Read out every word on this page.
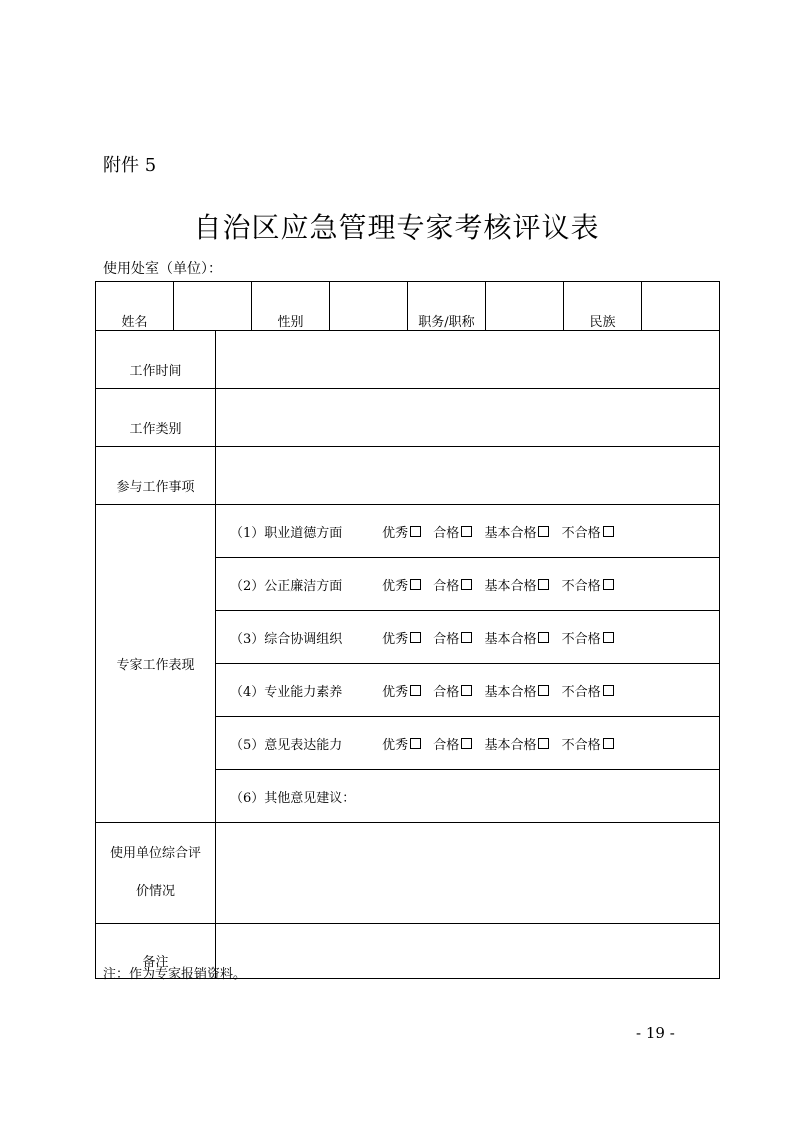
附件 5
自治区应急管理专家考核评议表
使用处室（单位）：
姓名			性别		职务/职称		民族	
工作时间								
工作类别								
参与工作事项								
专家工作表现		（1）职业道德方面 优秀 合格 基本合格 不合格						
		（2）公正廉洁方面 优秀 合格 基本合格 不合格						
		（3）综合协调组织 优秀 合格 基本合格 不合格						
		（4）专业能力素养 优秀 合格 基本合格 不合格						
		（5）意见表达能力 优秀 合格 基本合格 不合格						
		（6）其他意见建议：						

使用单位综合评
价情况								

备注								
注：作为专家报销资料。
- 19 -
